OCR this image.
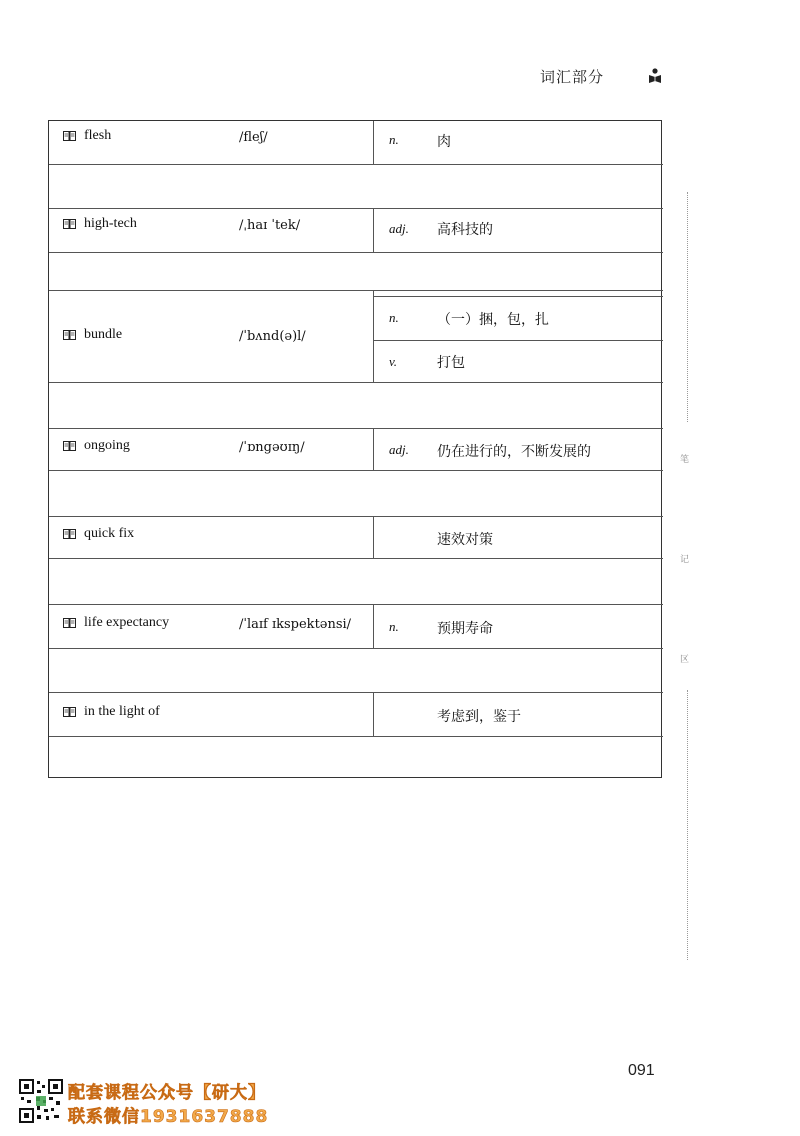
词汇部分
flesh	/fleʃ/	n.	肉
high-tech	/ˌhaɪ ˈtek/	adj. 高科技的
bundle	/ˈbʌnd(ə)l/
n.	（一）捆，包，扎
v.	打包
ongoing	/ˈɒngəʊɪŋ/	adj. 仍在进行的，不断发展的
quick fix	速效对策
life expectancy	/ˈlaɪf ɪkspektənsi/	n.	预期寿命
in the light of	考虑到，鉴于
笔
记
区
091
配套课程公众号【研大】
联系微信1931637888
